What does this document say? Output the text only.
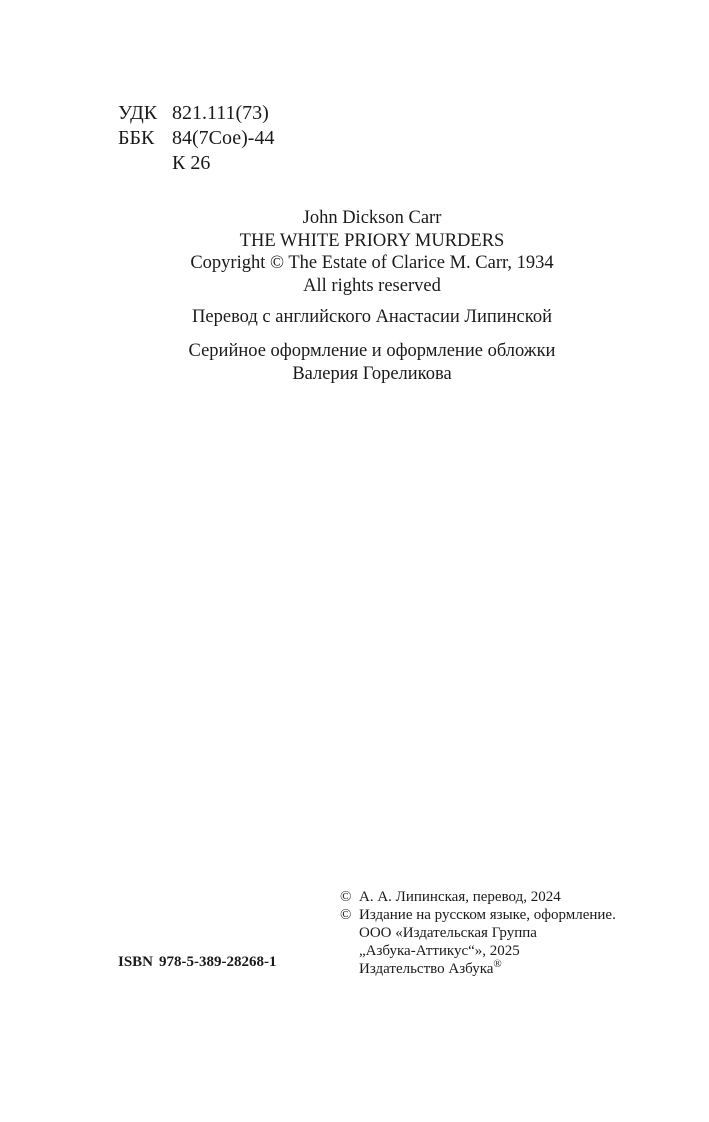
УДК 821.111(73)
ББК 84(7Сое)-44
К 26
John Dickson Carr
THE WHITE PRIORY MURDERS
Copyright © The Estate of Clarice M. Carr, 1934
All rights reserved
Перевод с английского Анастасии Липинской
Серийное оформление и оформление обложки
Валерия Гореликова
ISBN 978-5-389-28268-1
© А. А. Липинская, перевод, 2024
© Издание на русском языке, оформление.
ООО «Издательская Группа
„Азбука-Аттикус“», 2025
Издательство Азбука®
